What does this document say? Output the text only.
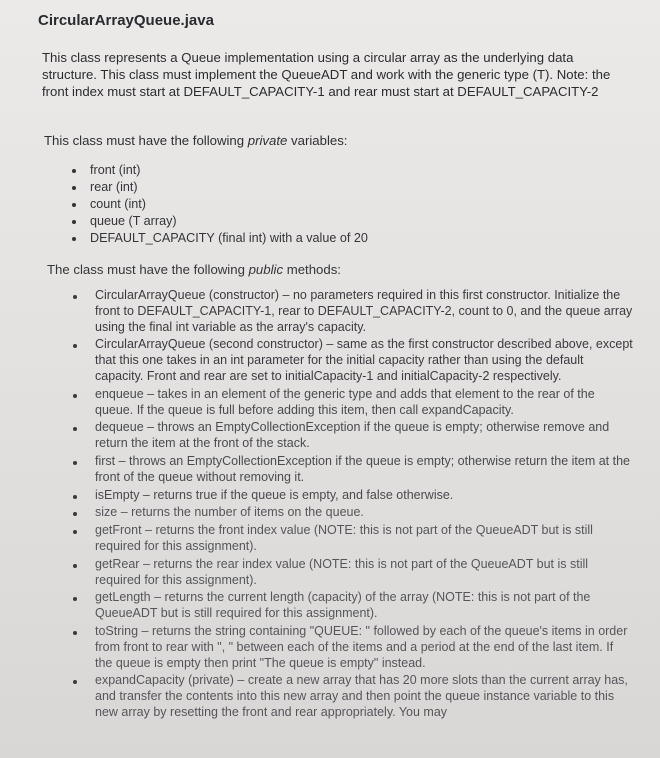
CircularArrayQueue.java
This class represents a Queue implementation using a circular array as the underlying data structure. This class must implement the QueueADT and work with the generic type (T). Note: the front index must start at DEFAULT_CAPACITY-1 and rear must start at DEFAULT_CAPACITY-2
This class must have the following private variables:
front (int)
rear (int)
count (int)
queue (T array)
DEFAULT_CAPACITY (final int) with a value of 20
The class must have the following public methods:
CircularArrayQueue (constructor) – no parameters required in this first constructor. Initialize the front to DEFAULT_CAPACITY-1, rear to DEFAULT_CAPACITY-2, count to 0, and the queue array using the final int variable as the array's capacity.
CircularArrayQueue (second constructor) – same as the first constructor described above, except that this one takes in an int parameter for the initial capacity rather than using the default capacity. Front and rear are set to initialCapacity-1 and initialCapacity-2 respectively.
enqueue – takes in an element of the generic type and adds that element to the rear of the queue. If the queue is full before adding this item, then call expandCapacity.
dequeue – throws an EmptyCollectionException if the queue is empty; otherwise remove and return the item at the front of the stack.
first – throws an EmptyCollectionException if the queue is empty; otherwise return the item at the front of the queue without removing it.
isEmpty – returns true if the queue is empty, and false otherwise.
size – returns the number of items on the queue.
getFront – returns the front index value (NOTE: this is not part of the QueueADT but is still required for this assignment).
getRear – returns the rear index value (NOTE: this is not part of the QueueADT but is still required for this assignment).
getLength – returns the current length (capacity) of the array (NOTE: this is not part of the QueueADT but is still required for this assignment).
toString – returns the string containing "QUEUE: " followed by each of the queue's items in order from front to rear with ", " between each of the items and a period at the end of the last item. If the queue is empty then print "The queue is empty" instead.
expandCapacity (private) – create a new array that has 20 more slots than the current array has, and transfer the contents into this new array and then point the queue instance variable to this new array by resetting the front and rear appropriately. You may
